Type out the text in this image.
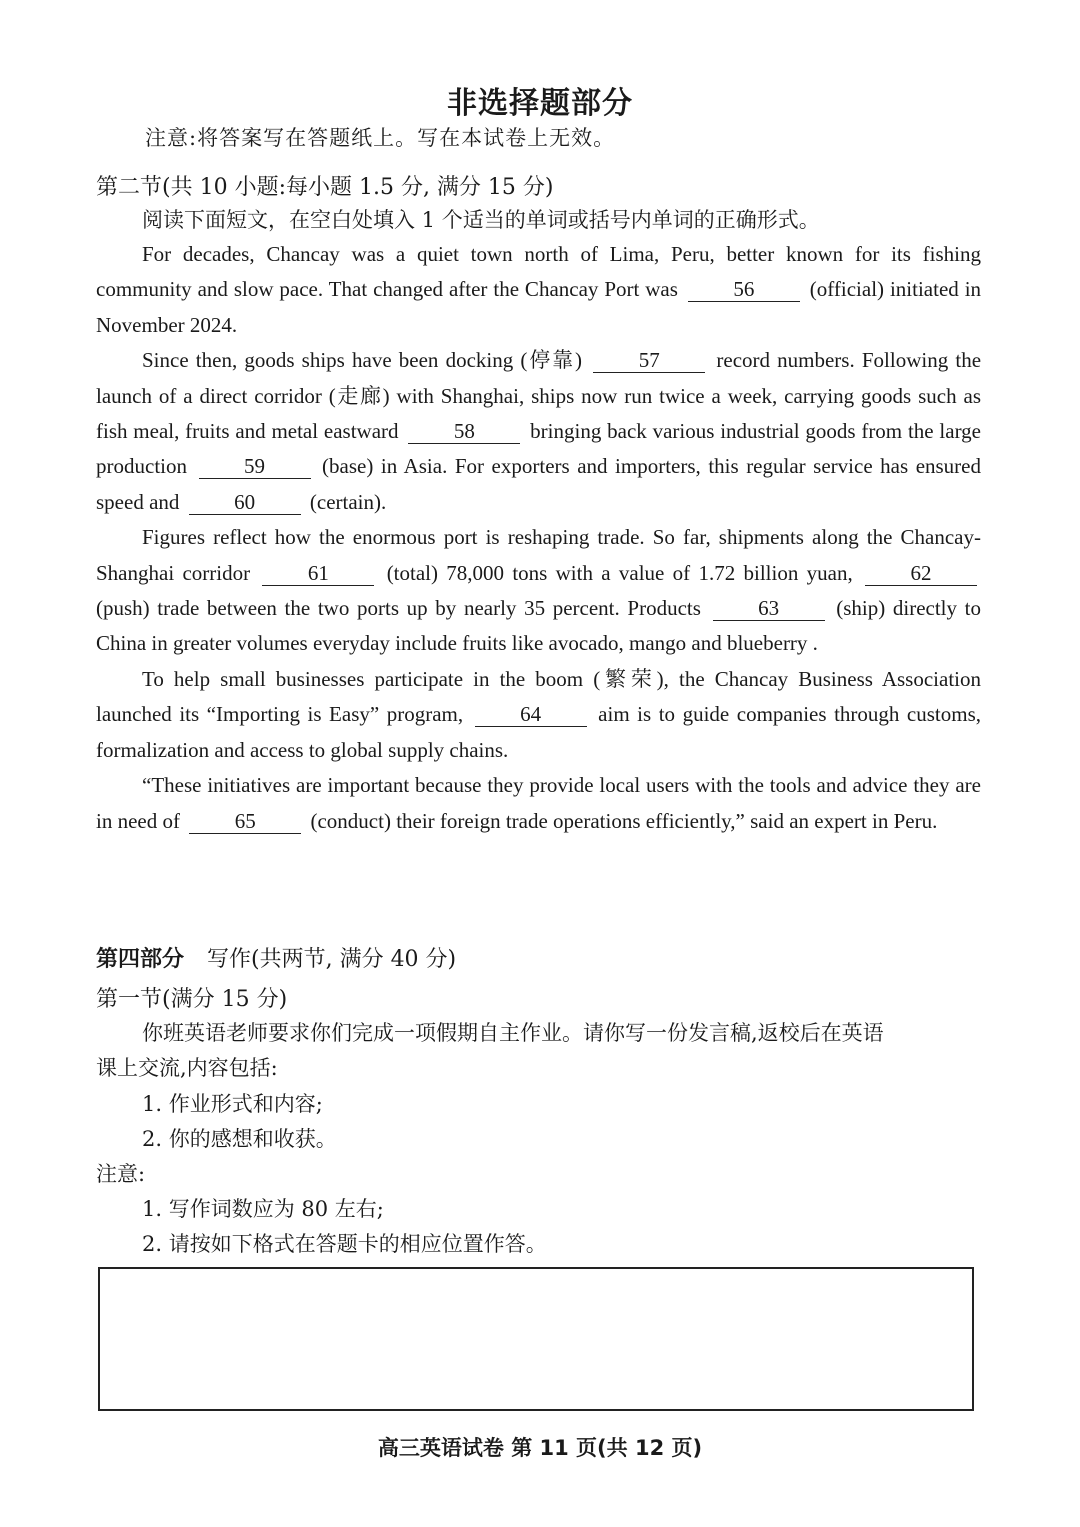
非选择题部分
注意:将答案写在答题纸上。写在本试卷上无效。
第二节(共 10 小题:每小题 1.5 分, 满分 15 分)
阅读下面短文，在空白处填入 1 个适当的单词或括号内单词的正确形式。

For decades, Chancay was a quiet town north of Lima, Peru, better known for its fishing community and slow pace. That changed after the Chancay Port was	56	(official) initiated in November 2024.

Since then, goods ships have been docking (停靠)	57	record numbers. Following the launch of a direct corridor (走廊) with Shanghai, ships now run twice a week, carrying goods such as fish meal, fruits and metal eastward	58	bringing back various industrial goods from the large production	59	(base) in Asia. For exporters and importers, this regular service has ensured speed and	60	(certain).

Figures reflect how the enormous port is reshaping trade. So far, shipments along the Chancay-Shanghai corridor	61	(total) 78,000 tons with a value of 1.72 billion yuan,	62 (push) trade between the two ports up by nearly 35 percent. Products	63	(ship) directly to China in greater volumes everyday include fruits like avocado, mango and blueberry .

To help small businesses participate in the boom (繁荣), the Chancay Business Association launched its “Importing is Easy” program,	64	aim is to guide companies through customs, formalization and access to global supply chains.

“These initiatives are important because they provide local users with the tools and advice they are in need of	65	(conduct) their foreign trade operations efficiently,” said an expert in Peru.

第四部分 写作(共两节, 满分 40 分)
第一节(满分 15 分)
你班英语老师要求你们完成一项假期自主作业。请你写一份发言稿,返校后在英语
课上交流,内容包括:
1. 作业形式和内容;
2. 你的感想和收获。
注意:
1. 写作词数应为 80 左右;
2. 请按如下格式在答题卡的相应位置作答。
高三英语试卷 第 11 页(共 12 页)
